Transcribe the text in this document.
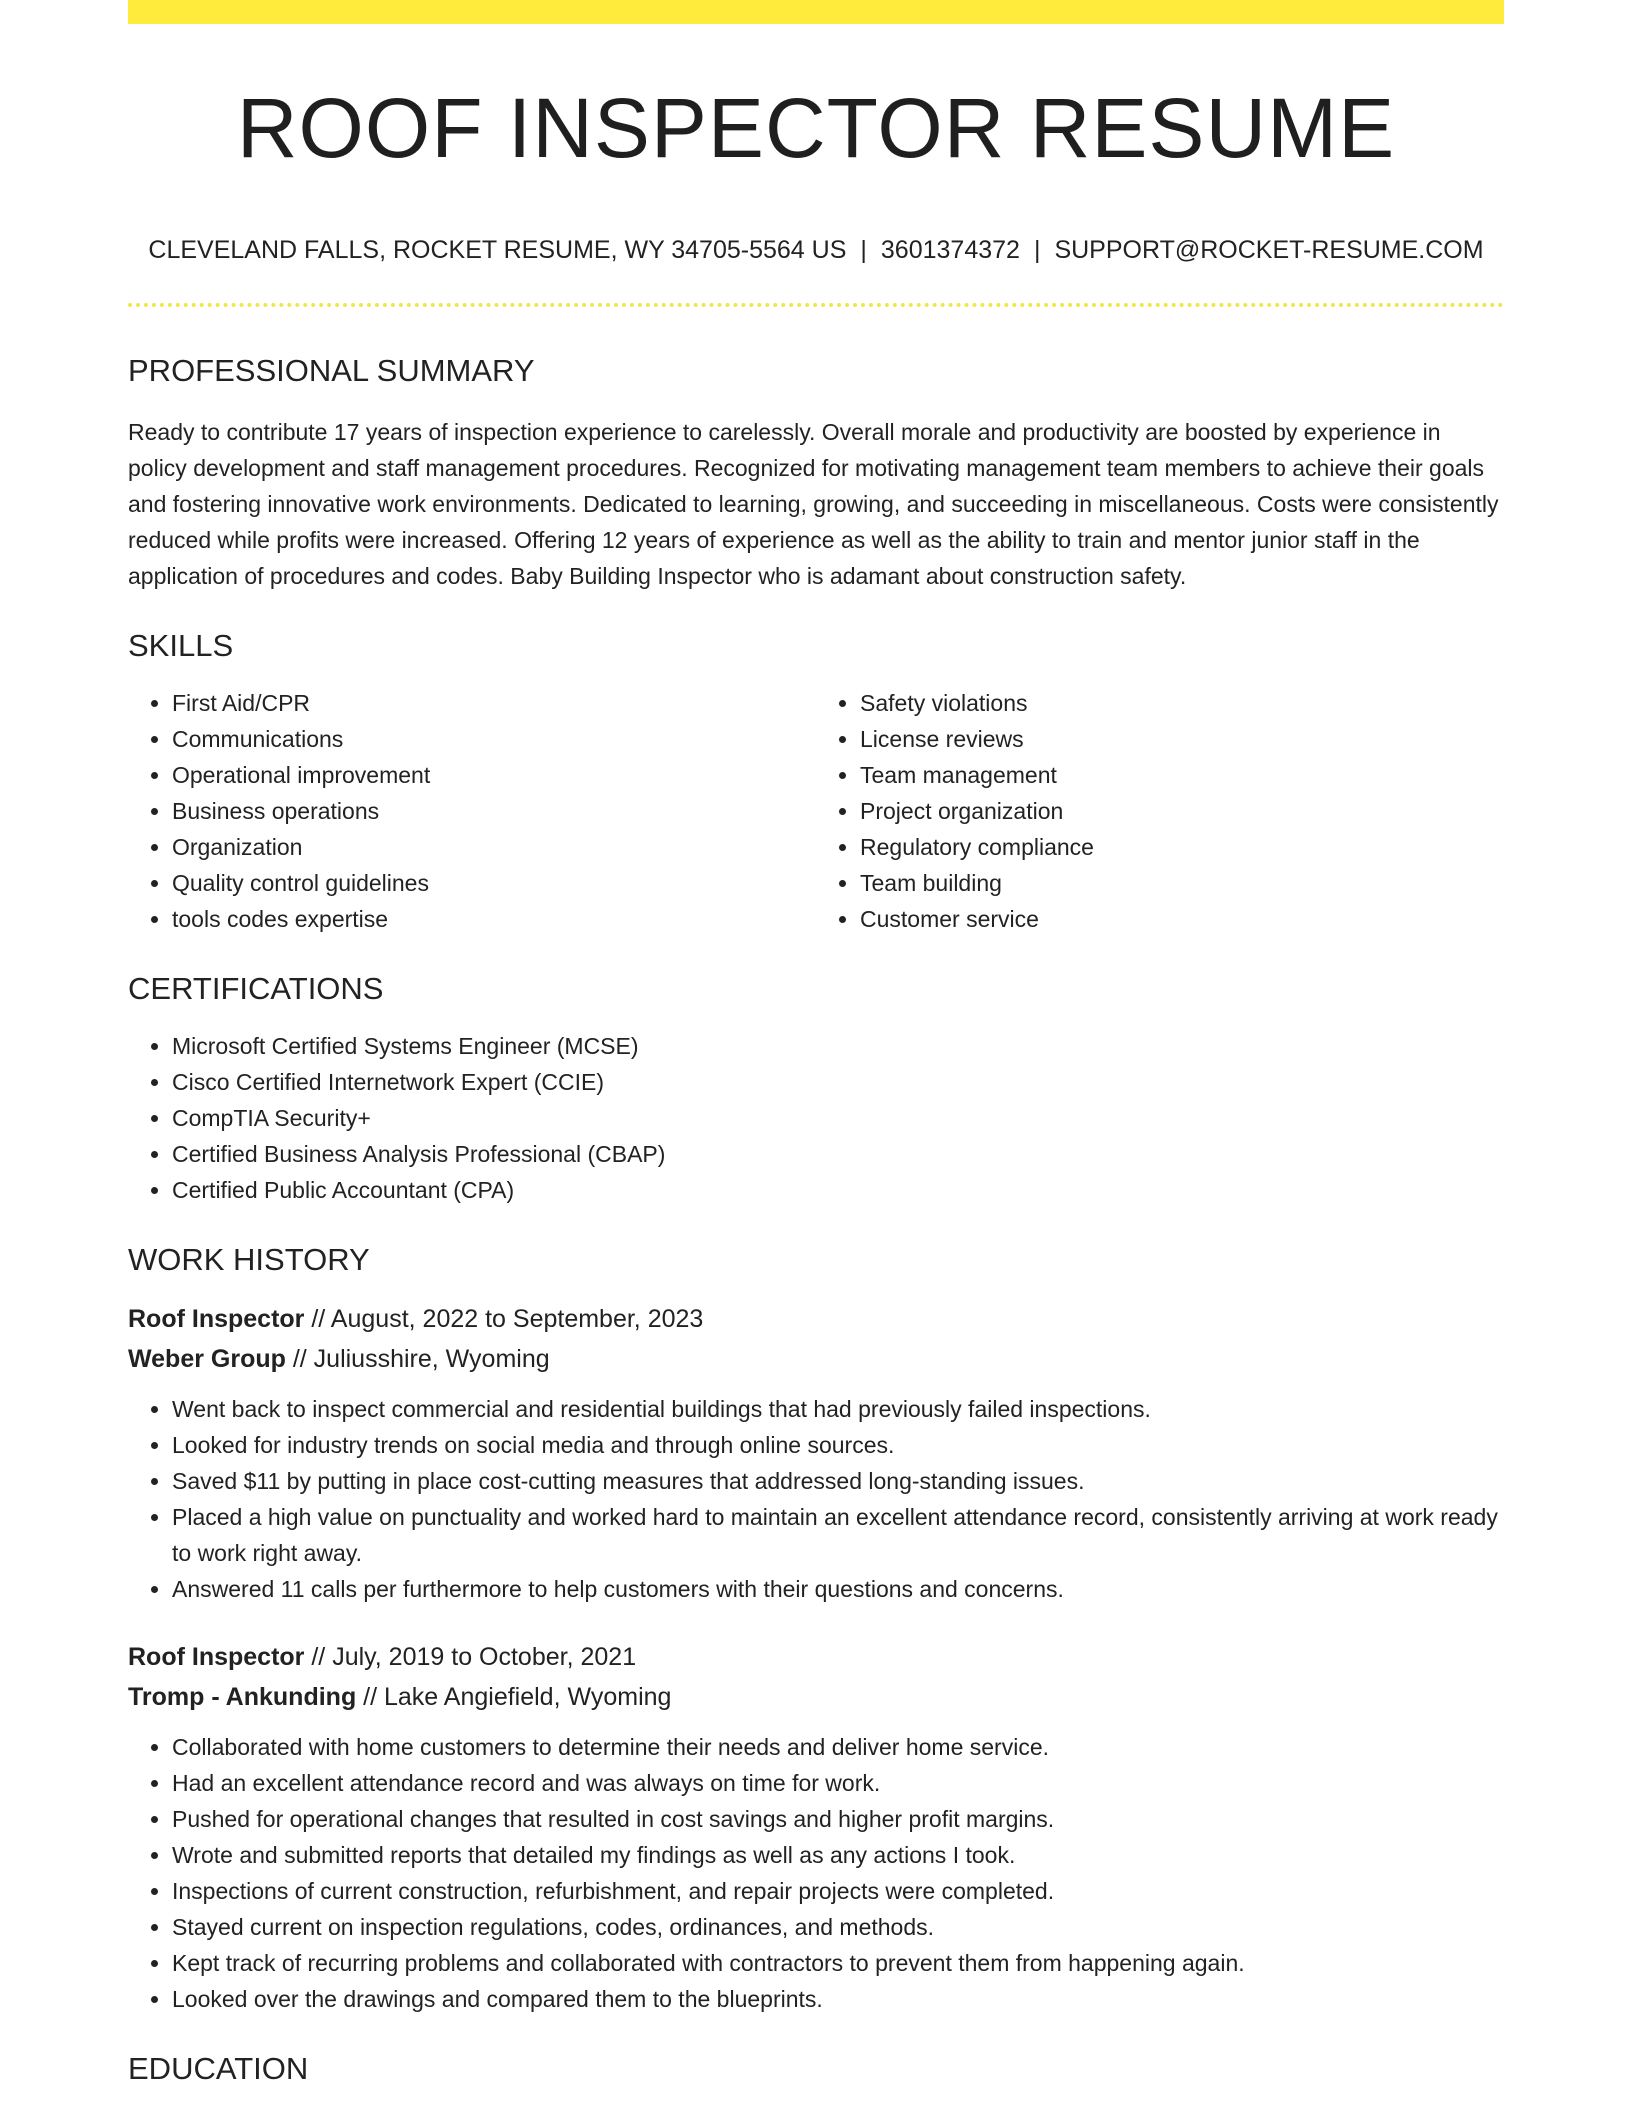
ROOF INSPECTOR RESUME
CLEVELAND FALLS, ROCKET RESUME, WY 34705-5564 US | 3601374372 | SUPPORT@ROCKET-RESUME.COM
PROFESSIONAL SUMMARY

Ready to contribute 17 years of inspection experience to carelessly. Overall morale and productivity are boosted by experience in policy development and staff management procedures. Recognized for motivating management team members to achieve their goals and fostering innovative work environments. Dedicated to learning, growing, and succeeding in miscellaneous. Costs were consistently reduced while profits were increased. Offering 12 years of experience as well as the ability to train and mentor junior staff in the application of procedures and codes. Baby Building Inspector who is adamant about construction safety.

SKILLS
• First Aid/CPR
• Communications
• Operational improvement
• Business operations
• Organization
• Quality control guidelines
• tools codes expertise
• Safety violations
• License reviews
• Team management
• Project organization
• Regulatory compliance
• Team building
• Customer service
CERTIFICATIONS
• Microsoft Certified Systems Engineer (MCSE)
• Cisco Certified Internetwork Expert (CCIE)
• CompTIA Security+
• Certified Business Analysis Professional (CBAP)
• Certified Public Accountant (CPA)
WORK HISTORY
Roof Inspector // August, 2022 to September, 2023
Weber Group // Juliusshire, Wyoming
• Went back to inspect commercial and residential buildings that had previously failed inspections.
• Looked for industry trends on social media and through online sources.
• Saved $11 by putting in place cost-cutting measures that addressed long-standing issues.
• Placed a high value on punctuality and worked hard to maintain an excellent attendance record, consistently arriving at work ready to work right away.
• Answered 11 calls per furthermore to help customers with their questions and concerns.
Roof Inspector // July, 2019 to October, 2021
Tromp - Ankunding // Lake Angiefield, Wyoming
• Collaborated with home customers to determine their needs and deliver home service.
• Had an excellent attendance record and was always on time for work.
• Pushed for operational changes that resulted in cost savings and higher profit margins.
• Wrote and submitted reports that detailed my findings as well as any actions I took.
• Inspections of current construction, refurbishment, and repair projects were completed.
• Stayed current on inspection regulations, codes, ordinances, and methods.
• Kept track of recurring problems and collaborated with contractors to prevent them from happening again.
• Looked over the drawings and compared them to the blueprints.
EDUCATION
